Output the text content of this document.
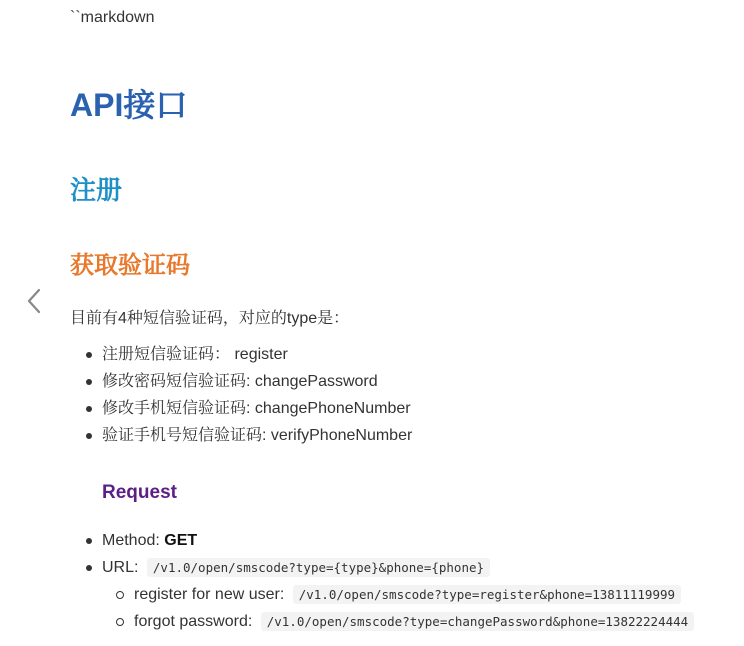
``markdown
API接口
注册
获取验证码
目前有4种短信验证码，对应的type是：
注册短信验证码： register
修改密码短信验证码: changePassword
修改手机短信验证码: changePhoneNumber
验证手机号短信验证码: verifyPhoneNumber
Request
Method: GET
URL: /v1.0/open/smscode?type={type}&phone={phone}
register for new user: /v1.0/open/smscode?type=register&phone=13811119999
forgot password: /v1.0/open/smscode?type=changePassword&phone=13822224444
